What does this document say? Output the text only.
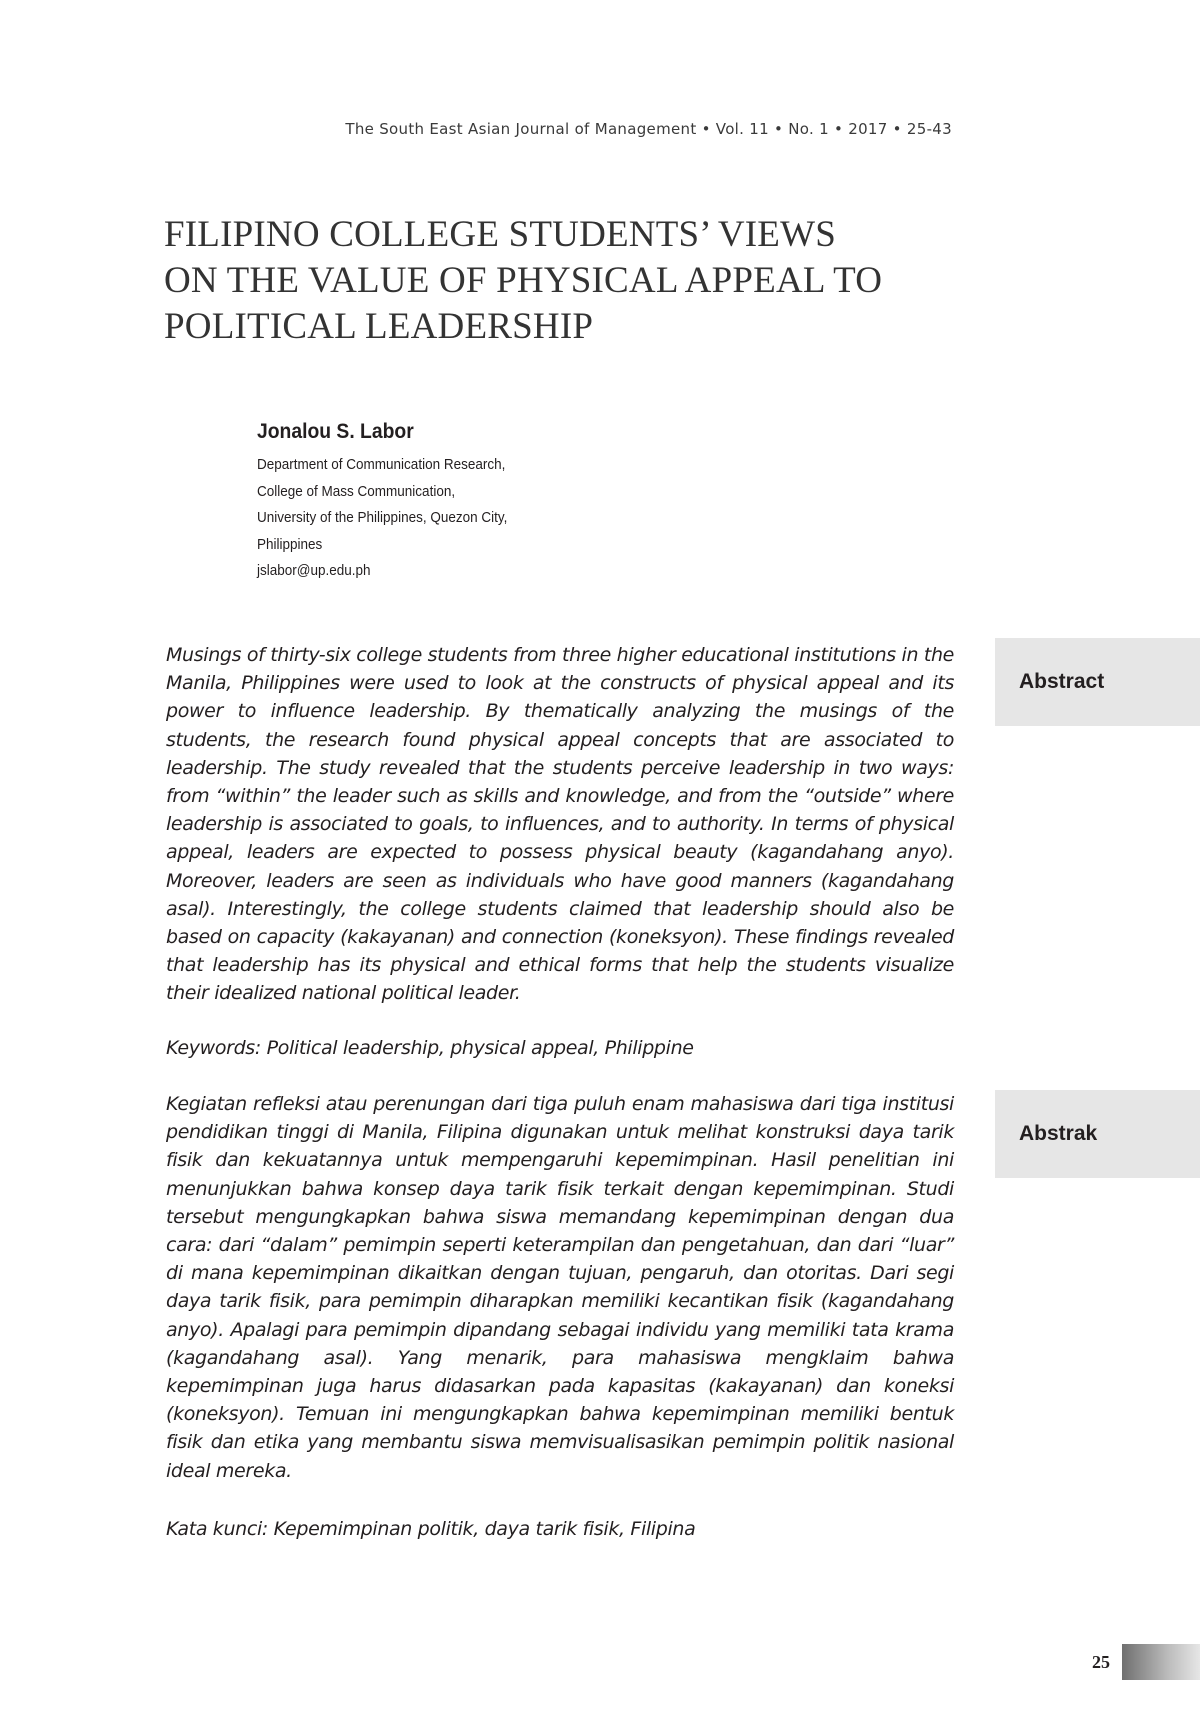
The South East Asian Journal of Management • Vol. 11 • No. 1 • 2017 • 25-43
FILIPINO COLLEGE STUDENTS’ VIEWS
ON THE VALUE OF PHYSICAL APPEAL TO
POLITICAL LEADERSHIP
Jonalou S. Labor
Department of Communication Research,
College of Mass Communication,
University of the Philippines, Quezon City,
Philippines
jslabor@up.edu.ph
Abstract

Musings of thirty-six college students from three higher educational institutions in the Manila, Philippines were used to look at the constructs of physical appeal and its power to influence leadership. By thematically analyzing the musings of the students, the research found physical appeal concepts that are associated to leadership. The study revealed that the students perceive leadership in two ways: from “within” the leader such as skills and knowledge, and from the “outside” where leadership is associated to goals, to influences, and to authority. In terms of physical appeal, leaders are expected to possess physical beauty (kagandahang anyo). Moreover, leaders are seen as individuals who have good manners (kagandahang asal). Interestingly, the college students claimed that leadership should also be based on capacity (kakayanan) and connection (koneksyon). These findings revealed that leadership has its physical and ethical forms that help the students visualize their idealized national political leader.

Keywords: Political leadership, physical appeal, Philippine

Abstrak

Kegiatan refleksi atau perenungan dari tiga puluh enam mahasiswa dari tiga institusi pendidikan tinggi di Manila, Filipina digunakan untuk melihat konstruksi daya tarik fisik dan kekuatannya untuk mempengaruhi kepemimpinan. Hasil penelitian ini menunjukkan bahwa konsep daya tarik fisik terkait dengan kepemimpinan. Studi tersebut mengungkapkan bahwa siswa memandang kepemimpinan dengan dua cara: dari “dalam” pemimpin seperti keterampilan dan pengetahuan, dan dari “luar” di mana kepemimpinan dikaitkan dengan tujuan, pengaruh, dan otoritas. Dari segi daya tarik fisik, para pemimpin diharapkan memiliki kecantikan fisik (kagandahang anyo). Apalagi para pemimpin dipandang sebagai individu yang memiliki tata krama (kagandahang asal). Yang menarik, para mahasiswa mengklaim bahwa kepemimpinan juga harus didasarkan pada kapasitas (kakayanan) dan koneksi (koneksyon). Temuan ini mengungkapkan bahwa kepemimpinan memiliki bentuk fisik dan etika yang membantu siswa memvisualisasikan pemimpin politik nasional ideal mereka.

Kata kunci: Kepemimpinan politik, daya tarik fisik, Filipina

25
